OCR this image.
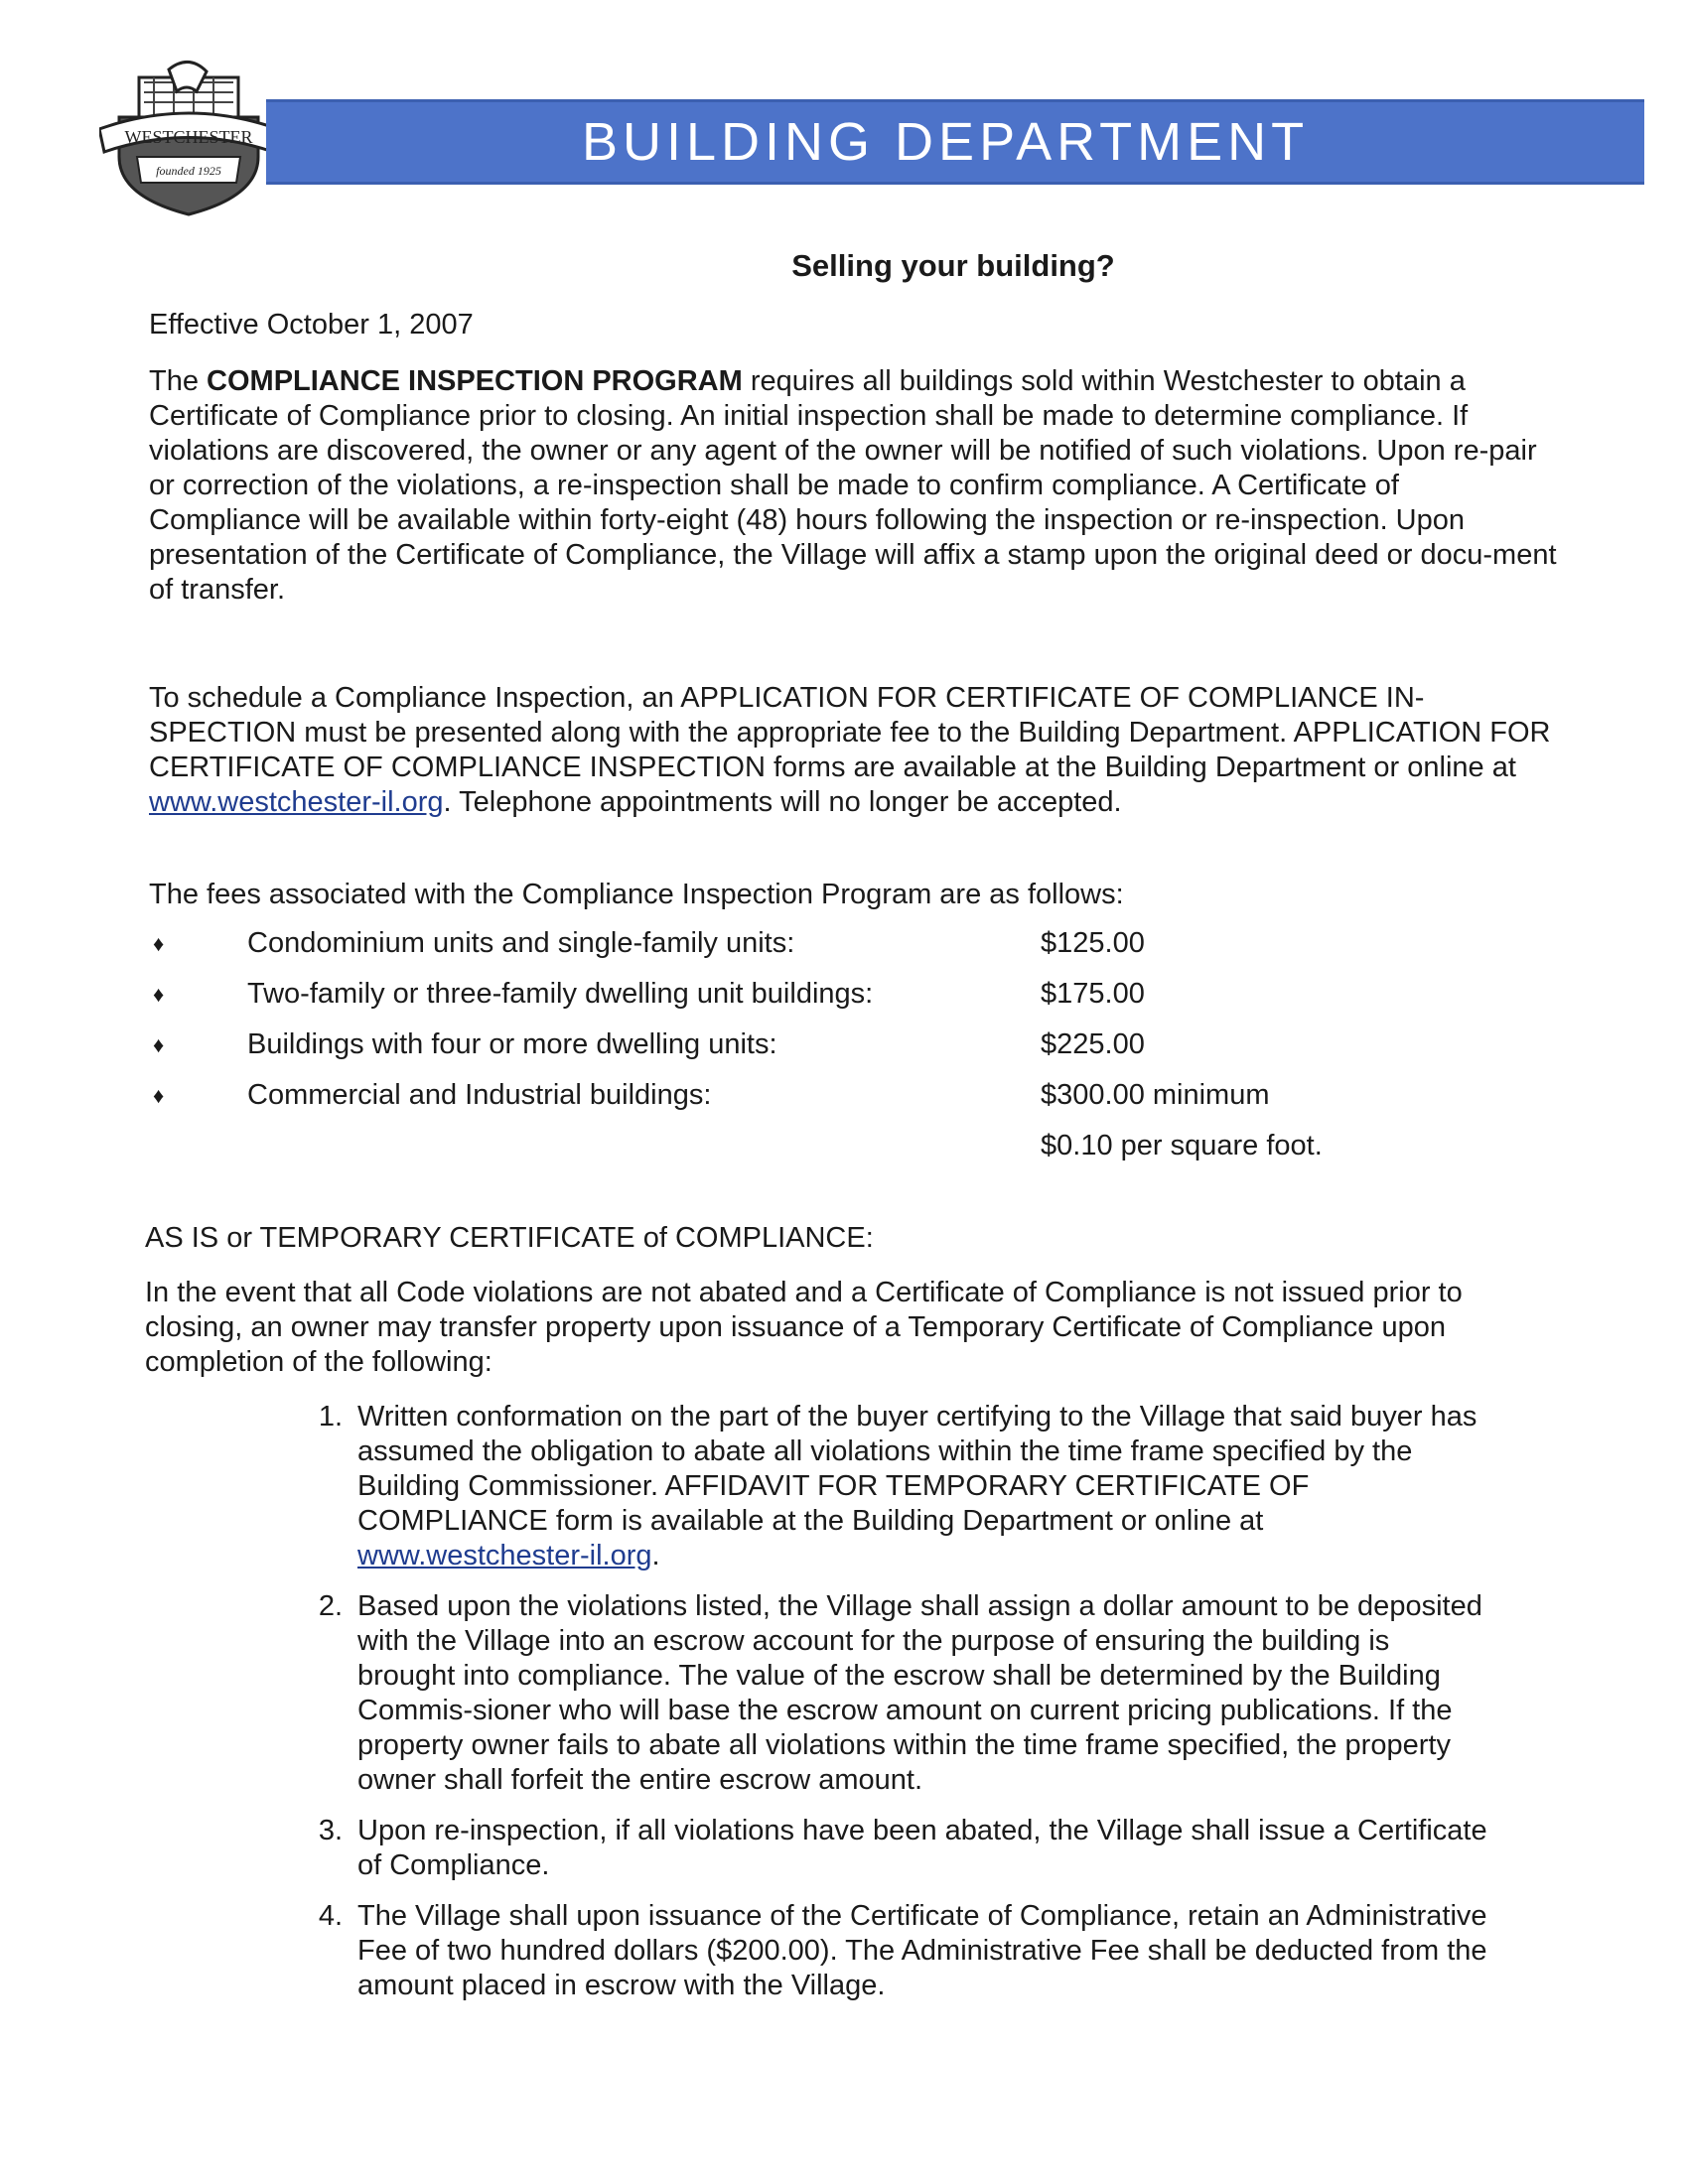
WESTCHESTER
founded 1925	BUILDING DEPARTMENT
Selling your building?

Effective October 1, 2007

The COMPLIANCE INSPECTION PROGRAM requires all buildings sold within Westchester to obtain a Certificate of Compliance prior to closing. An initial inspection shall be made to determine compliance. If violations are discovered, the owner or any agent of the owner will be notified of such violations. Upon re-pair or correction of the violations, a re-inspection shall be made to confirm compliance. A Certificate of Compliance will be available within forty-eight (48) hours following the inspection or re-inspection. Upon presentation of the Certificate of Compliance, the Village will affix a stamp upon the original deed or docu-ment of transfer.

To schedule a Compliance Inspection, an APPLICATION FOR CERTIFICATE OF COMPLIANCE IN-SPECTION must be presented along with the appropriate fee to the Building Department. APPLICATION FOR CERTIFICATE OF COMPLIANCE INSPECTION forms are available at the Building Department or online at www.westchester-il.org. Telephone appointments will no longer be accepted.

The fees associated with the Compliance Inspection Program are as follows:

♦	Condominium units and single-family units:	$125.00
♦	Two-family or three-family dwelling unit buildings:	$175.00
♦	Buildings with four or more dwelling units:	$225.00
♦	Commercial and Industrial buildings:	$300.00 minimum
$0.10 per square foot.

AS IS or TEMPORARY CERTIFICATE of COMPLIANCE:

In the event that all Code violations are not abated and a Certificate of Compliance is not issued prior to closing, an owner may transfer property upon issuance of a Temporary Certificate of Compliance upon completion of the following:

1. Written conformation on the part of the buyer certifying to the Village that said buyer has assumed the obligation to abate all violations within the time frame specified by the Building Commissioner. AFFIDAVIT FOR TEMPORARY CERTIFICATE OF COMPLIANCE form is available at the Building Department or online at www.westchester-il.org.
2. Based upon the violations listed, the Village shall assign a dollar amount to be deposited with the Village into an escrow account for the purpose of ensuring the building is brought into compliance. The value of the escrow shall be determined by the Building Commis-sioner who will base the escrow amount on current pricing publications. If the property owner fails to abate all violations within the time frame specified, the property owner shall forfeit the entire escrow amount.
3. Upon re-inspection, if all violations have been abated, the Village shall issue a Certificate of Compliance.
4. The Village shall upon issuance of the Certificate of Compliance, retain an Administrative Fee of two hundred dollars ($200.00). The Administrative Fee shall be deducted from the amount placed in escrow with the Village.
